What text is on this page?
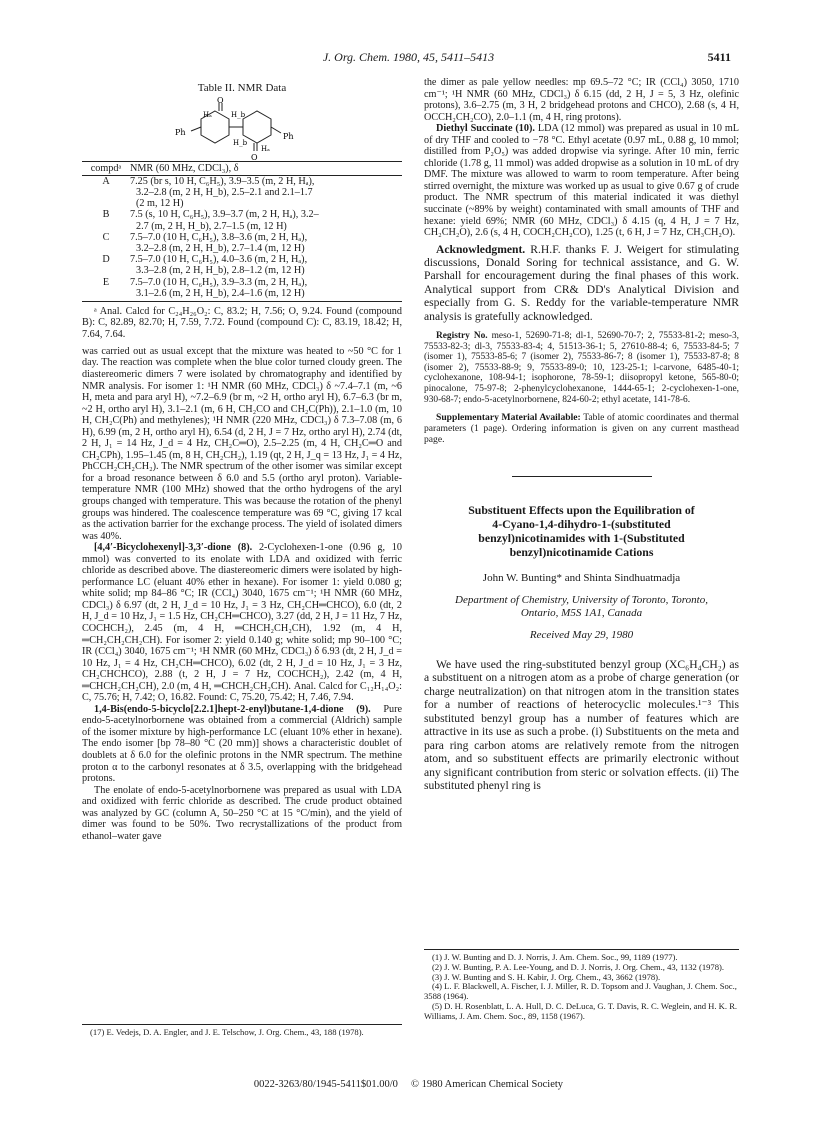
J. Org. Chem. 1980, 45, 5411–5413	5411
Table II. NMR Data
O
O
Ph	Ph
Hₐ	H_b
H_b
Hₐ
compdᵃ	NMR (60 MHz, CDCl₃), δ
A	7.25 (br s, 10 H, C₆H₅), 3.9–3.5 (m, 2 H, Hₐ),
3.2–2.8 (m, 2 H, H_b), 2.5–2.1 and 2.1–1.7
(2 m, 12 H)

B	7.5 (s, 10 H, C₆H₅), 3.9–3.7 (m, 2 H, Hₐ), 3.2–
2.7 (m, 2 H, H_b), 2.7–1.5 (m, 12 H)

C	7.5–7.0 (10 H, C₆H₅), 3.8–3.6 (m, 2 H, Hₐ),
3.2–2.8 (m, 2 H, H_b), 2.7–1.4 (m, 12 H)

D	7.5–7.0 (10 H, C₆H₅), 4.0–3.6 (m, 2 H, Hₐ),
3.3–2.8 (m, 2 H, H_b), 2.8–1.2 (m, 12 H)

E	7.5–7.0 (10 H, C₆H₅), 3.9–3.3 (m, 2 H, Hₐ),
3.1–2.6 (m, 2 H, H_b), 2.4–1.6 (m, 12 H)
ᵃ Anal. Calcd for C₂₄H₂₆O₂: C, 83.2; H, 7.56; O, 9.24. Found (compound B): C, 82.89, 82.70; H, 7.59, 7.72. Found (compound C): C, 83.19, 18.42; H, 7.64, 7.64.

was carried out as usual except that the mixture was heated to ~50 °C for 1 day. The reaction was complete when the blue color turned cloudy green. The diastereomeric dimers 7 were isolated by chromatography and identified by NMR analysis. For isomer 1: ¹H NMR (60 MHz, CDCl₃) δ ~7.4–7.1 (m, ~6 H, meta and para aryl H), ~7.2–6.9 (br m, ~2 H, ortho aryl H), 6.7–6.3 (br m, ~2 H, ortho aryl H), 3.1–2.1 (m, 6 H, CH₂CO and CH₂C(Ph)), 2.1–1.0 (m, 10 H, CH₂C(Ph) and methylenes); ¹H NMR (220 MHz, CDCl₃) δ 7.3–7.08 (m, 6 H), 6.99 (m, 2 H, ortho aryl H), 6.54 (d, 2 H, J = 7 Hz, ortho aryl H), 2.74 (dt, 2 H, J₁ = 14 Hz, J_d = 4 Hz, CH₂C═O), 2.5–2.25 (m, 4 H, CH₂C═O and CH₂CPh), 1.95–1.45 (m, 8 H, CH₂CH₂), 1.19 (qt, 2 H, J_q = 13 Hz, J₁ = 4 Hz, PhCCH₂CH₂CH₂). The NMR spectrum of the other isomer was similar except for a broad resonance between δ 6.0 and 5.5 (ortho aryl proton). Variable-temperature NMR (100 MHz) showed that the ortho hydrogens of the aryl groups changed with temperature. This was because the rotation of the phenyl groups was hindered. The coalescence temperature was 69 °C, giving 17 kcal as the activation barrier for the exchange process. The yield of isolated dimers was 40%.

[4,4′-Bicyclohexenyl]-3,3′-dione (8). 2-Cyclohexen-1-one (0.96 g, 10 mmol) was converted to its enolate with LDA and oxidized with ferric chloride as described above. The diastereomeric dimers were isolated by high-performance LC (eluant 40% ether in hexane). For isomer 1: yield 0.080 g; white solid; mp 84–86 °C; IR (CCl₄) 3040, 1675 cm⁻¹; ¹H NMR (60 MHz, CDCl₃) δ 6.97 (dt, 2 H, J_d = 10 Hz, J₁ = 3 Hz, CH₂CH═CHCO), 6.0 (dt, 2 H, J_d = 10 Hz, J₁ = 1.5 Hz, CH₂CH═CHCO), 3.27 (dd, 2 H, J = 11 Hz, 7 Hz, COCHCH₂), 2.45 (m, 4 H, ═CHCH₂CH₂CH), 1.92 (m, 4 H, ═CH₂CH₂CH₂CH). For isomer 2: yield 0.140 g; white solid; mp 90–100 °C; IR (CCl₄) 3040, 1675 cm⁻¹; ¹H NMR (60 MHz, CDCl₃) δ 6.93 (dt, 2 H, J_d = 10 Hz, J₁ = 4 Hz, CH₂CH═CHCO), 6.02 (dt, 2 H, J_d = 10 Hz, J₁ = 3 Hz, CH₂CHCHCO), 2.88 (t, 2 H, J = 7 Hz, COCHCH₂), 2.42 (m, 4 H, ═CHCH₂CH₂CH), 2.0 (m, 4 H, ═CHCH₂CH₂CH). Anal. Calcd for C₁₂H₁₄O₂: C, 75.76; H, 7.42; O, 16.82. Found: C, 75.20, 75.42; H, 7.46, 7.94.

1,4-Bis(endo-5-bicyclo[2.2.1]hept-2-enyl)butane-1,4-dione (9). Pure endo-5-acetylnorbornene was obtained from a commercial (Aldrich) sample of the isomer mixture by high-performance LC (eluant 10% ether in hexane). The endo isomer [bp 78–80 °C (20 mm)] shows a characteristic doublet of doublets at δ 6.0 for the olefinic protons in the NMR spectrum. The methine proton α to the carbonyl resonates at δ 3.5, overlapping with the bridgehead protons.

The enolate of endo-5-acetylnorbornene was prepared as usual with LDA and oxidized with ferric chloride as described. The crude product obtained was analyzed by GC (column A, 50–250 °C at 15 °C/min), and the yield of dimer was found to be 50%. Two recrystallizations of the product from ethanol–water gave

(17) E. Vedejs, D. A. Engler, and J. E. Telschow, J. Org. Chem., 43, 188 (1978).

the dimer as pale yellow needles: mp 69.5–72 °C; IR (CCl₄) 3050, 1710 cm⁻¹; ¹H NMR (60 MHz, CDCl₃) δ 6.15 (dd, 2 H, J = 5, 3 Hz, olefinic protons), 3.6–2.75 (m, 3 H, 2 bridgehead protons and CHCO), 2.68 (s, 4 H, OCCH₂CH₂CO), 2.0–1.1 (m, 4 H, ring protons).

Diethyl Succinate (10). LDA (12 mmol) was prepared as usual in 10 mL of dry THF and cooled to −78 °C. Ethyl acetate (0.97 mL, 0.88 g, 10 mmol; distilled from P₂O₅) was added dropwise via syringe. After 10 min, ferric chloride (1.78 g, 11 mmol) was added dropwise as a solution in 10 mL of dry DMF. The mixture was allowed to warm to room temperature. After being stirred overnight, the mixture was worked up as usual to give 0.67 g of crude product. The NMR spectrum of this material indicated it was diethyl succinate (~89% by weight) contaminated with small amounts of THF and hexane: yield 69%; NMR (60 MHz, CDCl₃) δ 4.15 (q, 4 H, J = 7 Hz, CH₂CH₂O), 2.6 (s, 4 H, COCH₂CH₂CO), 1.25 (t, 6 H, J = 7 Hz, CH₃CH₂O).

Acknowledgment. R.H.F. thanks F. J. Weigert for stimulating discussions, Donald Soring for technical assistance, and G. W. Parshall for encouragement during the final phases of this work. Analytical support from CR& DD's Analytical Division and especially from G. S. Reddy for the variable-temperature NMR analysis is gratefully acknowledged.

Registry No. meso-1, 52690-71-8; dl-1, 52690-70-7; 2, 75533-81-2; meso-3, 75533-82-3; dl-3, 75533-83-4; 4, 51513-36-1; 5, 27610-88-4; 6, 75533-84-5; 7 (isomer 1), 75533-85-6; 7 (isomer 2), 75533-86-7; 8 (isomer 1), 75533-87-8; 8 (isomer 2), 75533-88-9; 9, 75533-89-0; 10, 123-25-1; l-carvone, 6485-40-1; cyclohexanone, 108-94-1; isophorone, 78-59-1; diisopropyl ketone, 565-80-0; pinocalone, 75-97-8; 2-phenylcyclohexanone, 1444-65-1; 2-cyclohexen-1-one, 930-68-7; endo-5-acetylnorbornene, 824-60-2; ethyl acetate, 141-78-6.

Supplementary Material Available: Table of atomic coordinates and thermal parameters (1 page). Ordering information is given on any current masthead page.

Substituent Effects upon the Equilibration of
4-Cyano-1,4-dihydro-1-(substituted
benzyl)nicotinamides with 1-(Substituted
benzyl)nicotinamide Cations
John W. Bunting* and Shinta Sindhuatmadja
Department of Chemistry, University of Toronto, Toronto,
Ontario, M5S 1A1, Canada
Received May 29, 1980

We have used the ring-substituted benzyl group (XC₆H₄CH₂) as a substituent on a nitrogen atom as a probe of charge generation (or charge neutralization) on that nitrogen atom in the transition states for a number of reactions of heterocyclic molecules.¹⁻³ This substituted benzyl group has a number of features which are attractive in its use as such a probe. (i) Substituents on the meta and para ring carbon atoms are relatively remote from the nitrogen atom, and so substituent effects are primarily electronic without any significant contribution from steric or solvation effects. (ii) The substituted phenyl ring is

(1) J. W. Bunting and D. J. Norris, J. Am. Chem. Soc., 99, 1189 (1977).

(2) J. W. Bunting, P. A. Lee-Young, and D. J. Norris, J. Org. Chem., 43, 1132 (1978).

(3) J. W. Bunting and S. H. Kabir, J. Org. Chem., 43, 3662 (1978).

(4) L. F. Blackwell, A. Fischer, I. J. Miller, R. D. Topsom and J. Vaughan, J. Chem. Soc., 3588 (1964).

(5) D. H. Rosenblatt, L. A. Hull, D. C. DeLuca, G. T. Davis, R. C. Weglein, and H. K. R. Williams, J. Am. Chem. Soc., 89, 1158 (1967).

0022-3263/80/1945-5411$01.00/0 © 1980 American Chemical Society
